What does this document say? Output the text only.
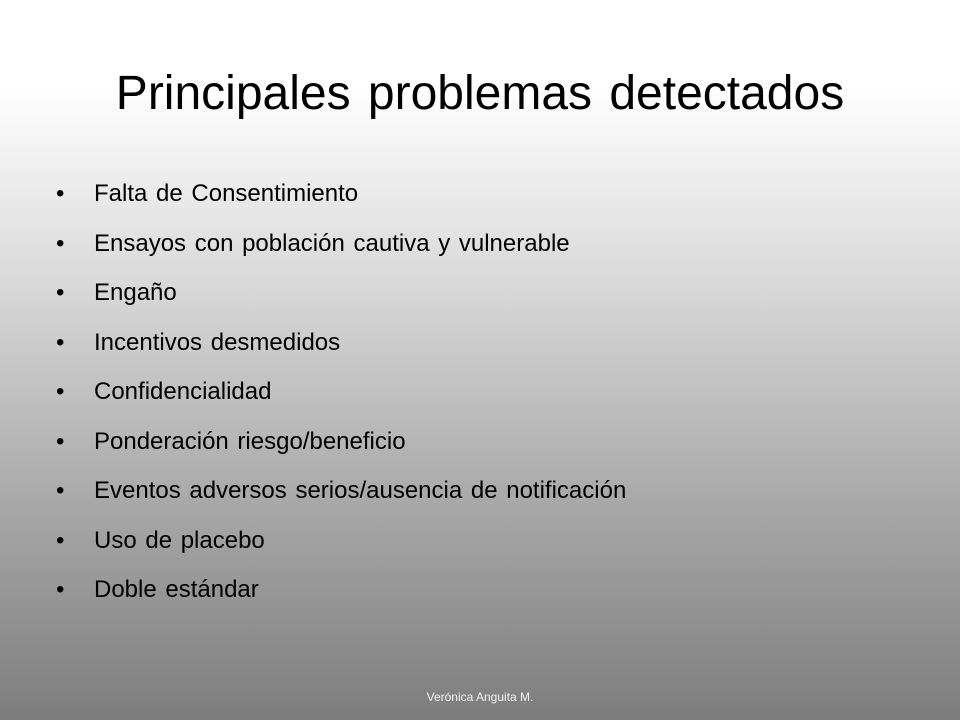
Principales problemas detectados
•	Falta de Consentimiento
•	Ensayos con población cautiva y vulnerable
•	Engaño
•	Incentivos desmedidos
•	Confidencialidad
•	Ponderación riesgo/beneficio
•	Eventos adversos serios/ausencia de notificación
•	Uso de placebo
•	Doble estándar
Verónica Anguita M.
